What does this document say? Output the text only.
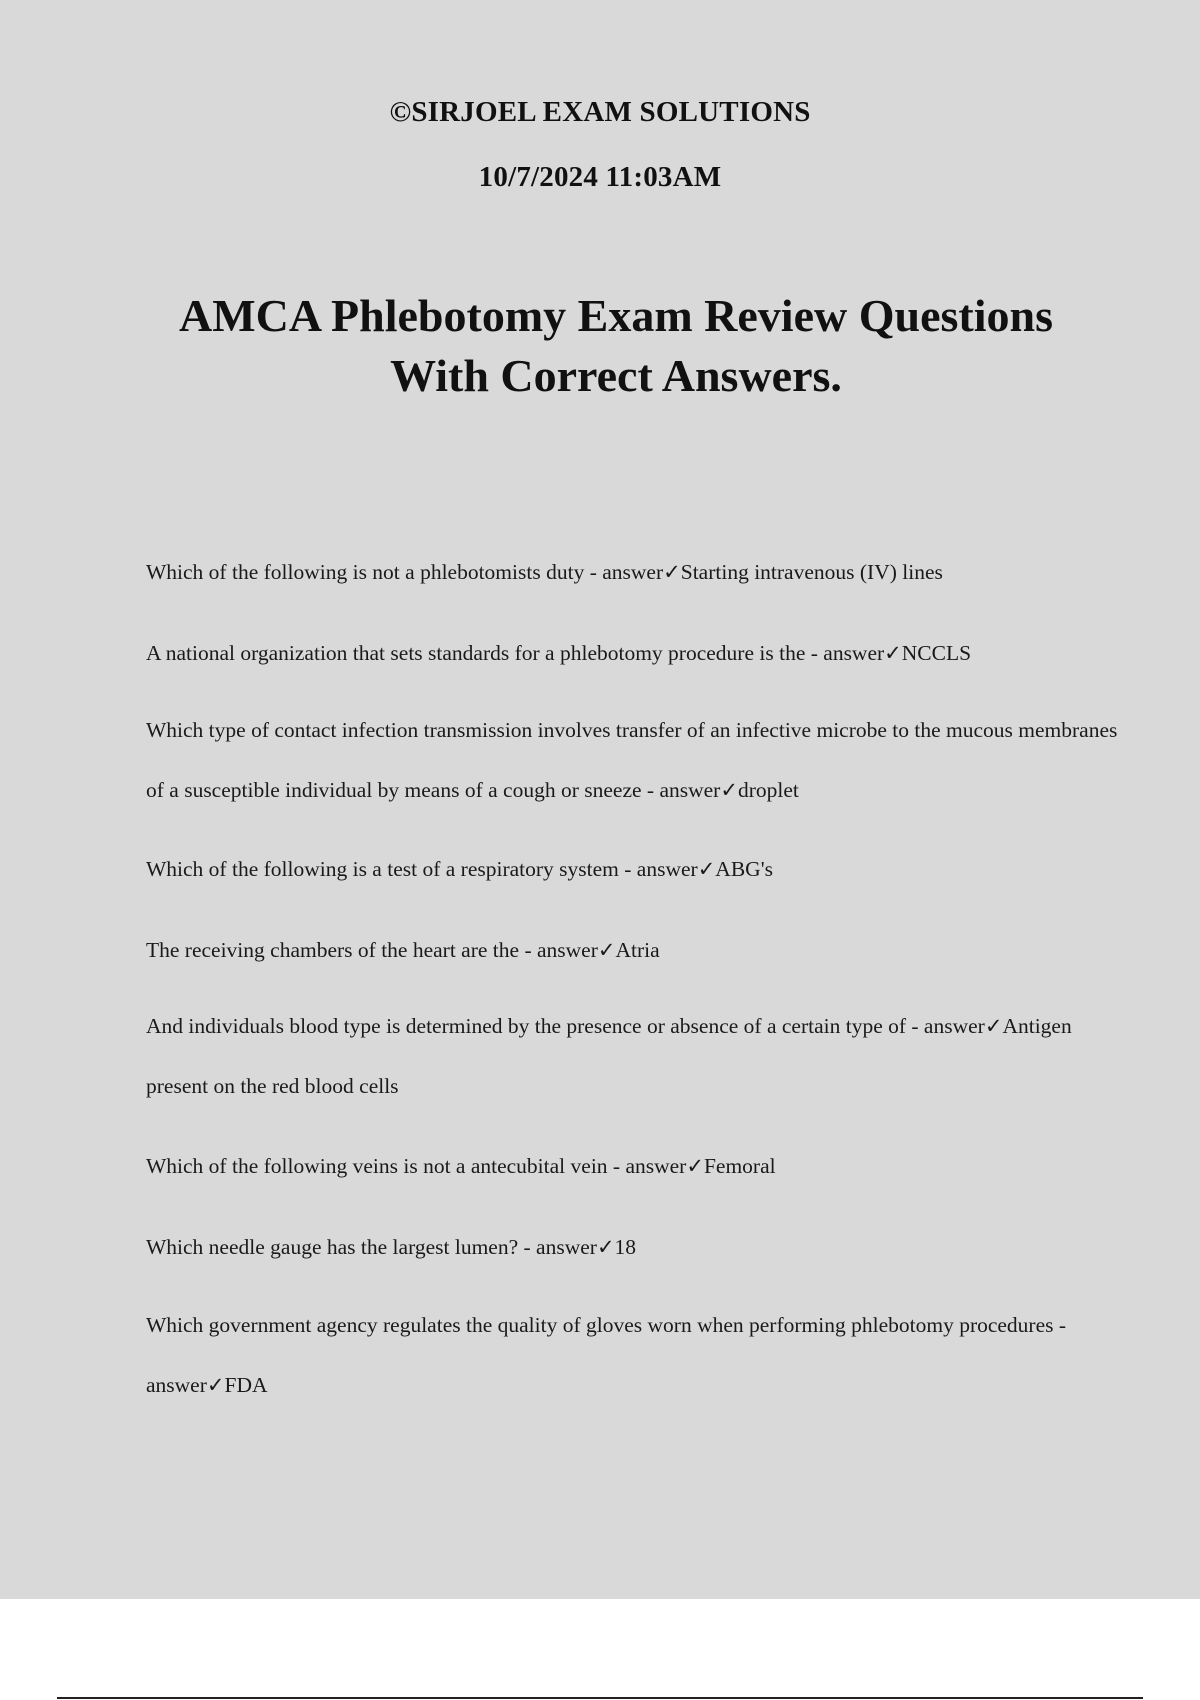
©SIRJOEL EXAM SOLUTIONS
10/7/2024 11:03AM
AMCA Phlebotomy Exam Review Questions
With Correct Answers.
Which of the following is not a phlebotomists duty - answer✓Starting intravenous (IV) lines
A national organization that sets standards for a phlebotomy procedure is the - answer✓NCCLS
Which type of contact infection transmission involves transfer of an infective microbe to the mucous membranes of a susceptible individual by means of a cough or sneeze - answer✓droplet
Which of the following is a test of a respiratory system - answer✓ABG's
The receiving chambers of the heart are the - answer✓Atria
And individuals blood type is determined by the presence or absence of a certain type of - answer✓Antigen present on the red blood cells
Which of the following veins is not a antecubital vein - answer✓Femoral
Which needle gauge has the largest lumen? - answer✓18
Which government agency regulates the quality of gloves worn when performing phlebotomy procedures - answer✓FDA
